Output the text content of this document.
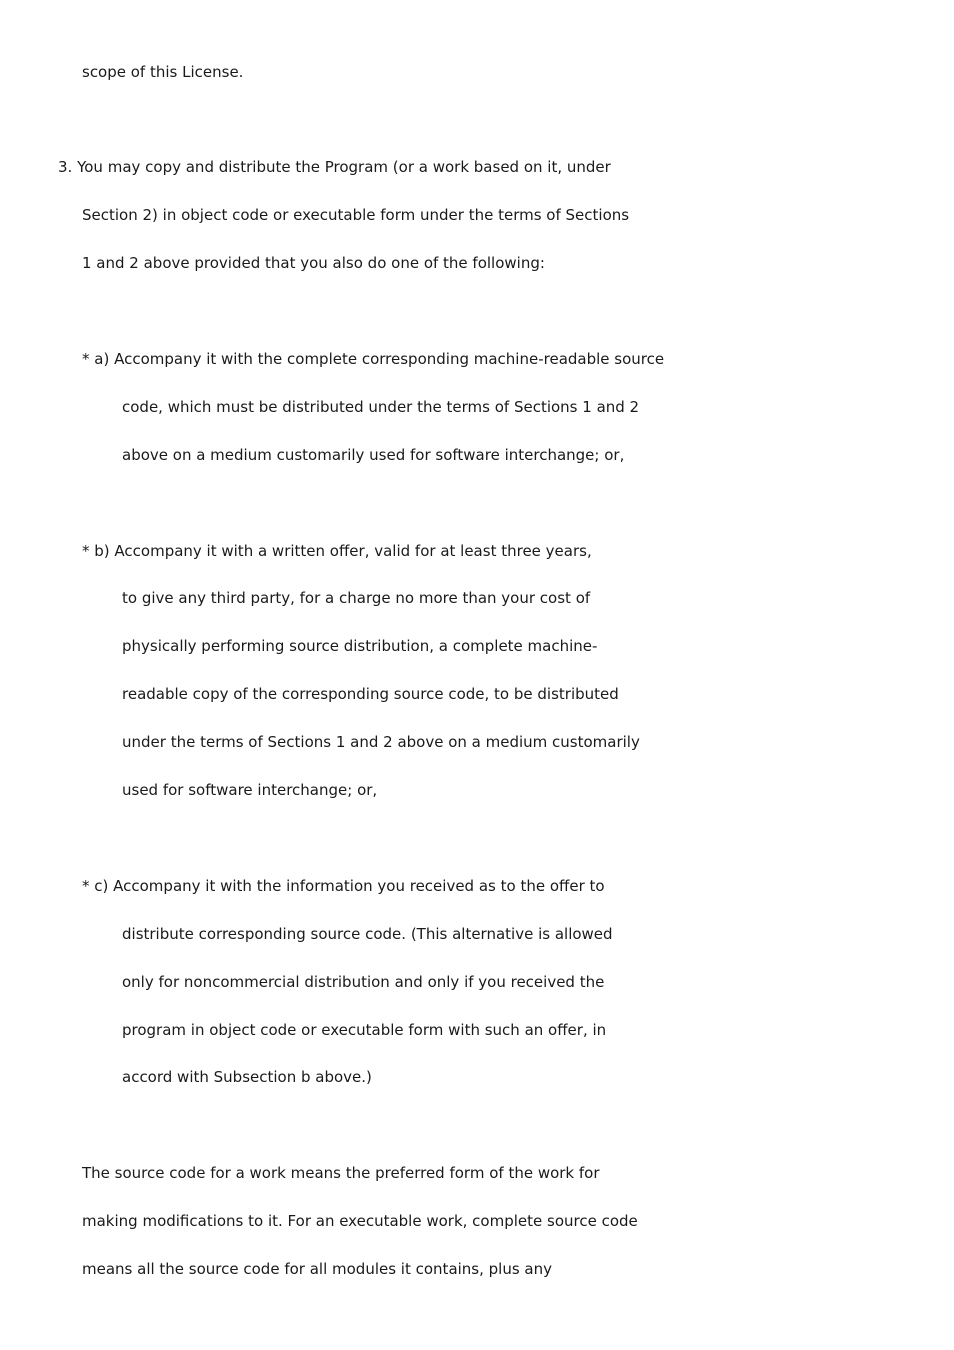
scope of this License.

3. You may copy and distribute the Program (or a work based on it, under

Section 2) in object code or executable form under the terms of Sections

1 and 2 above provided that you also do one of the following:

* a) Accompany it with the complete corresponding machine-readable source

code, which must be distributed under the terms of Sections 1 and 2

above on a medium customarily used for software interchange; or,

* b) Accompany it with a written offer, valid for at least three years,

to give any third party, for a charge no more than your cost of

physically performing source distribution, a complete machine-

readable copy of the corresponding source code, to be distributed

under the terms of Sections 1 and 2 above on a medium customarily

used for software interchange; or,

* c) Accompany it with the information you received as to the offer to

distribute corresponding source code. (This alternative is allowed

only for noncommercial distribution and only if you received the

program in object code or executable form with such an offer, in

accord with Subsection b above.)

The source code for a work means the preferred form of the work for

making modifications to it. For an executable work, complete source code

means all the source code for all modules it contains, plus any
